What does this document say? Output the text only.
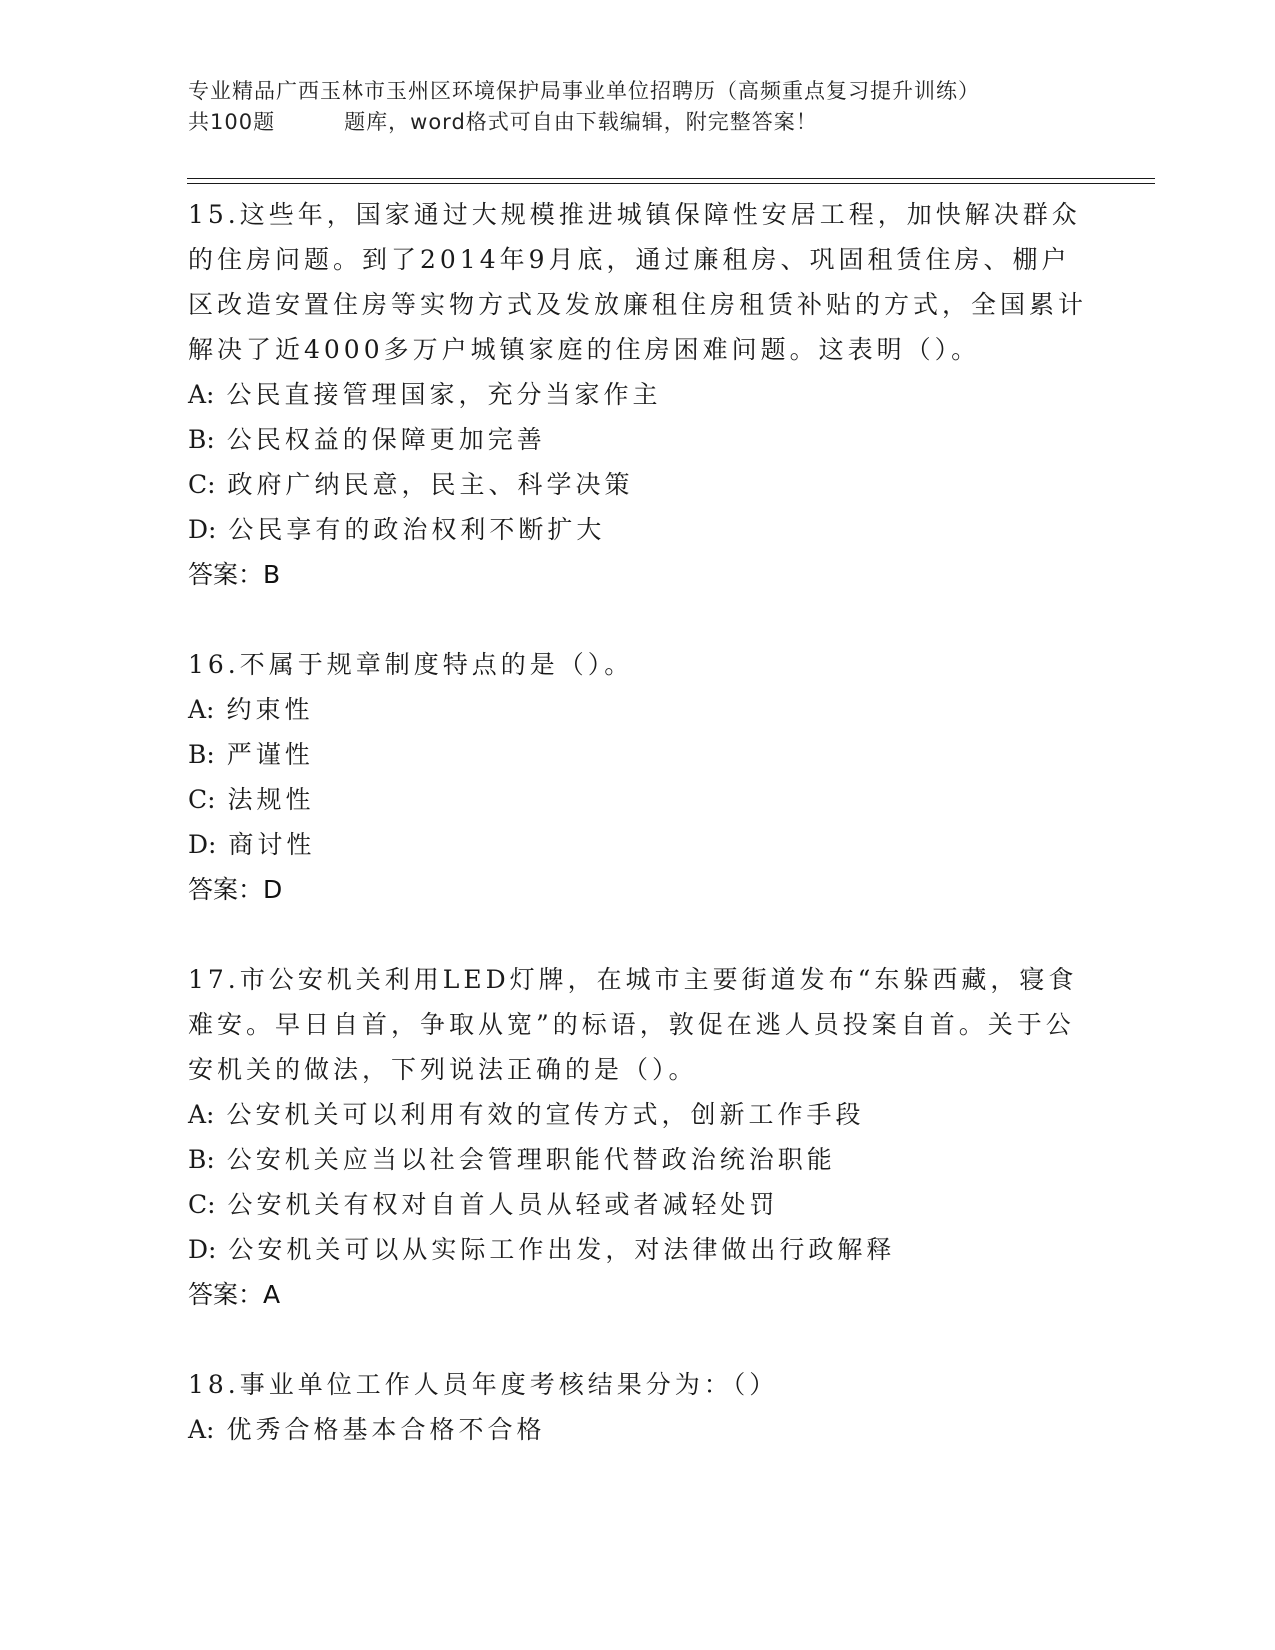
专业精品广西玉林市玉州区环境保护局事业单位招聘历（高频重点复习提升训练）
共100题         题库，word格式可自由下载编辑，附完整答案！

15.这些年，国家通过大规模推进城镇保障性安居工程，加快解决群众的住房问题。到了2014年9月底，通过廉租房、巩固租赁住房、棚户区改造安置住房等实物方式及发放廉租住房租赁补贴的方式，全国累计解决了近4000多万户城镇家庭的住房困难问题。这表明（）。

A: 公民直接管理国家，充分当家作主

B: 公民权益的保障更加完善

C: 政府广纳民意，民主、科学决策

D: 公民享有的政治权利不断扩大

答案：B

16.不属于规章制度特点的是（）。

A: 约束性

B: 严谨性

C: 法规性

D: 商讨性

答案：D

17.市公安机关利用LED灯牌，在城市主要街道发布“东躲西藏，寝食难安。早日自首，争取从宽”的标语，敦促在逃人员投案自首。关于公安机关的做法，下列说法正确的是（）。

A: 公安机关可以利用有效的宣传方式，创新工作手段

B: 公安机关应当以社会管理职能代替政治统治职能

C: 公安机关有权对自首人员从轻或者减轻处罚

D: 公安机关可以从实际工作出发，对法律做出行政解释

答案：A

18.事业单位工作人员年度考核结果分为：（）

A: 优秀合格基本合格不合格
